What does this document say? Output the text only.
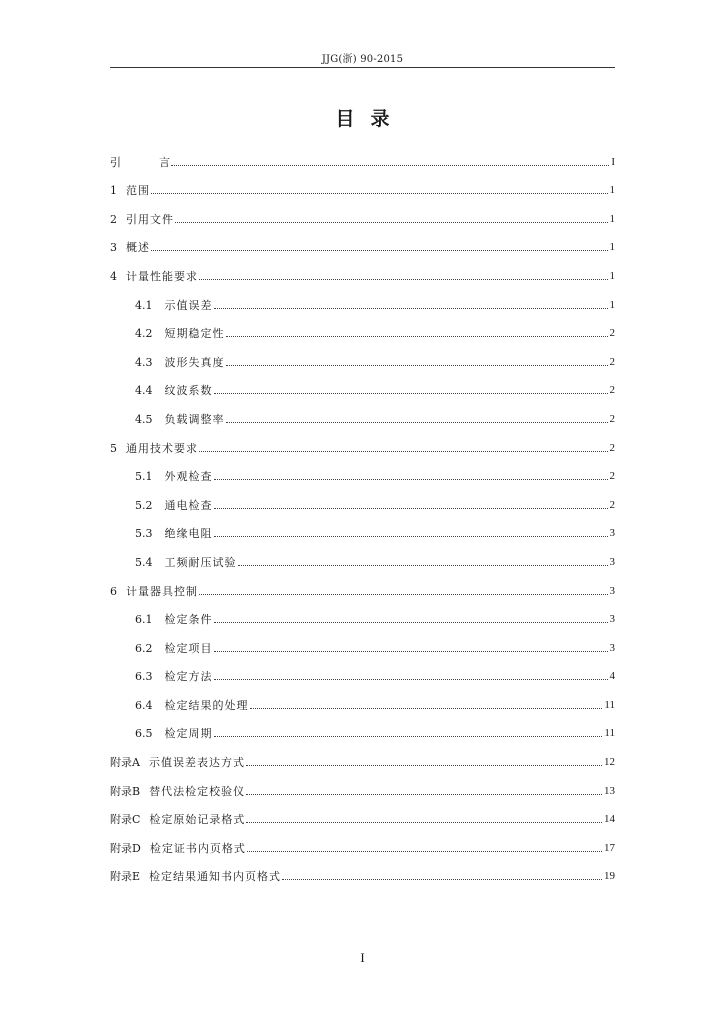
JJG(浙) 90-2015
目录
引	言	I
1 范围	1
2 引用文件	1
3 概述	1
4 计量性能要求	1
4.1 示值误差	1
4.2 短期稳定性	2
4.3 波形失真度	2
4.4 纹波系数	2
4.5 负载调整率	2
5 通用技术要求	2
5.1 外观检查	2
5.2 通电检查	2
5.3 绝缘电阻	3
5.4 工频耐压试验	3
6 计量器具控制	3
6.1 检定条件	3
6.2 检定项目	3
6.3 检定方法	4
6.4 检定结果的处理	11
6.5 检定周期	11
附录A 示值误差表达方式	12
附录B 替代法检定校验仪	13
附录C 检定原始记录格式	14
附录D 检定证书内页格式	17
附录E 检定结果通知书内页格式	19
I
